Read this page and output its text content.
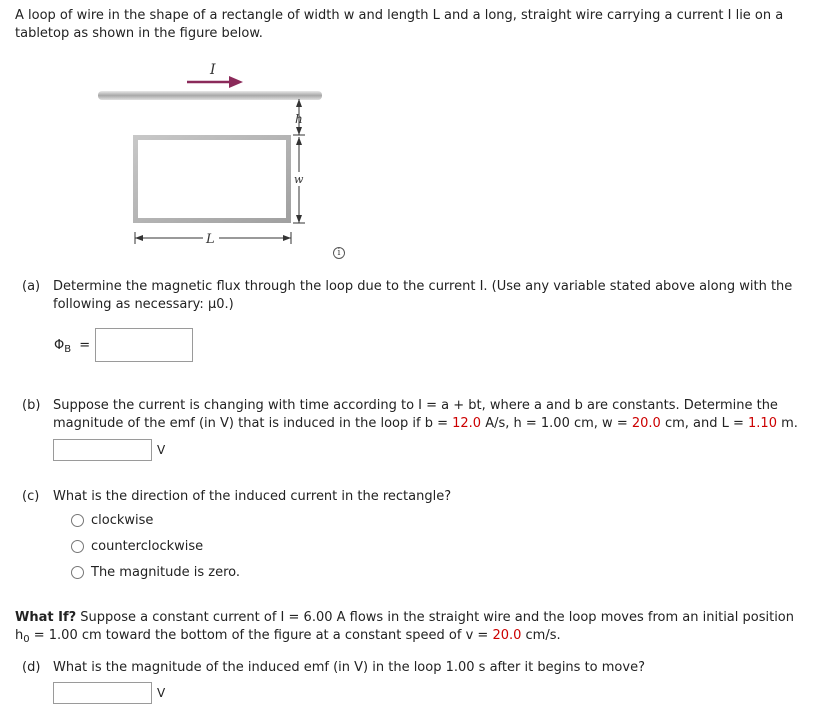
A loop of wire in the shape of a rectangle of width w and length L and a long, straight wire carrying a current I lie on a
tabletop as shown in the figure below.
I
h
w
L
i
(a) Determine the magnetic flux through the loop due to the current I. (Use any variable stated above along with the
following as necessary: μ0.)
$\Phi_B$ =
(b) Suppose the current is changing with time according to I = a + bt, where a and b are constants. Determine the
magnitude of the emf (in V) that is induced in the loop if b = 12.0 A/s, h = 1.00 cm, w = 20.0 cm, and L = 1.10 m.
V
(c) What is the direction of the induced current in the rectangle?
clockwise
counterclockwise
The magnitude is zero.
What If? Suppose a constant current of I = 6.00 A flows in the straight wire and the loop moves from an initial position
$h_0 = 1.00$ cm toward the bottom of the figure at a constant speed of v = 20.0 cm/s.
(d) What is the magnitude of the induced emf (in V) in the loop 1.00 s after it begins to move?
V
